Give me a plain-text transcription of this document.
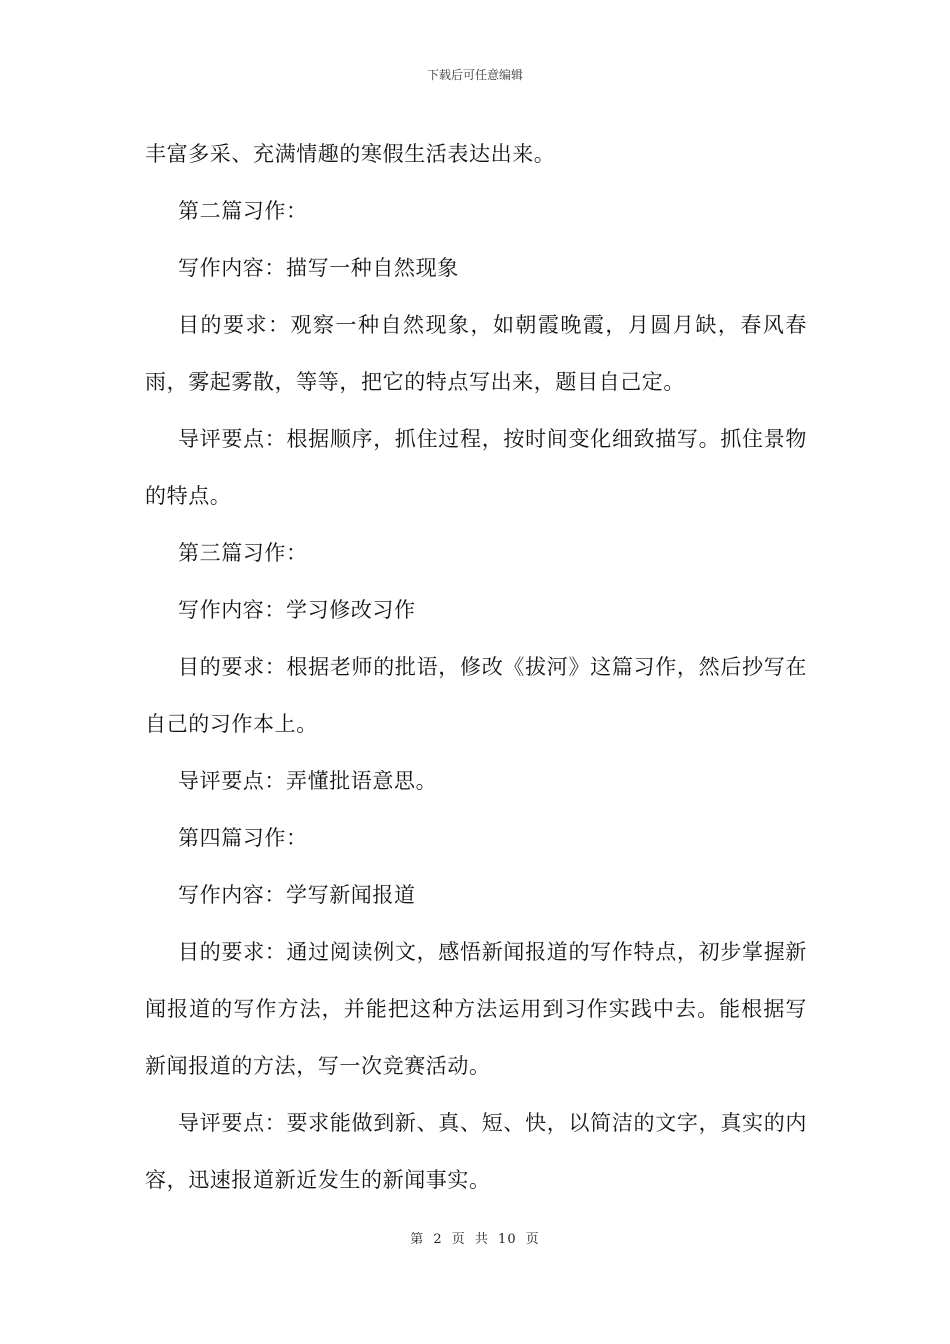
下载后可任意编辑

丰富多采、充满情趣的寒假生活表达出来。

第二篇习作：

写作内容：描写一种自然现象

目的要求：观察一种自然现象，如朝霞晚霞，月圆月缺，春风春雨，雾起雾散，等等，把它的特点写出来，题目自己定。

导评要点：根据顺序，抓住过程，按时间变化细致描写。抓住景物的特点。

第三篇习作：

写作内容：学习修改习作

目的要求：根据老师的批语，修改《拔河》这篇习作，然后抄写在自己的习作本上。

导评要点：弄懂批语意思。

第四篇习作：

写作内容：学写新闻报道

目的要求：通过阅读例文，感悟新闻报道的写作特点，初步掌握新闻报道的写作方法，并能把这种方法运用到习作实践中去。能根据写新闻报道的方法，写一次竞赛活动。

导评要点：要求能做到新、真、短、快，以简洁的文字，真实的内容，迅速报道新近发生的新闻事实。

第 2 页 共 10 页
